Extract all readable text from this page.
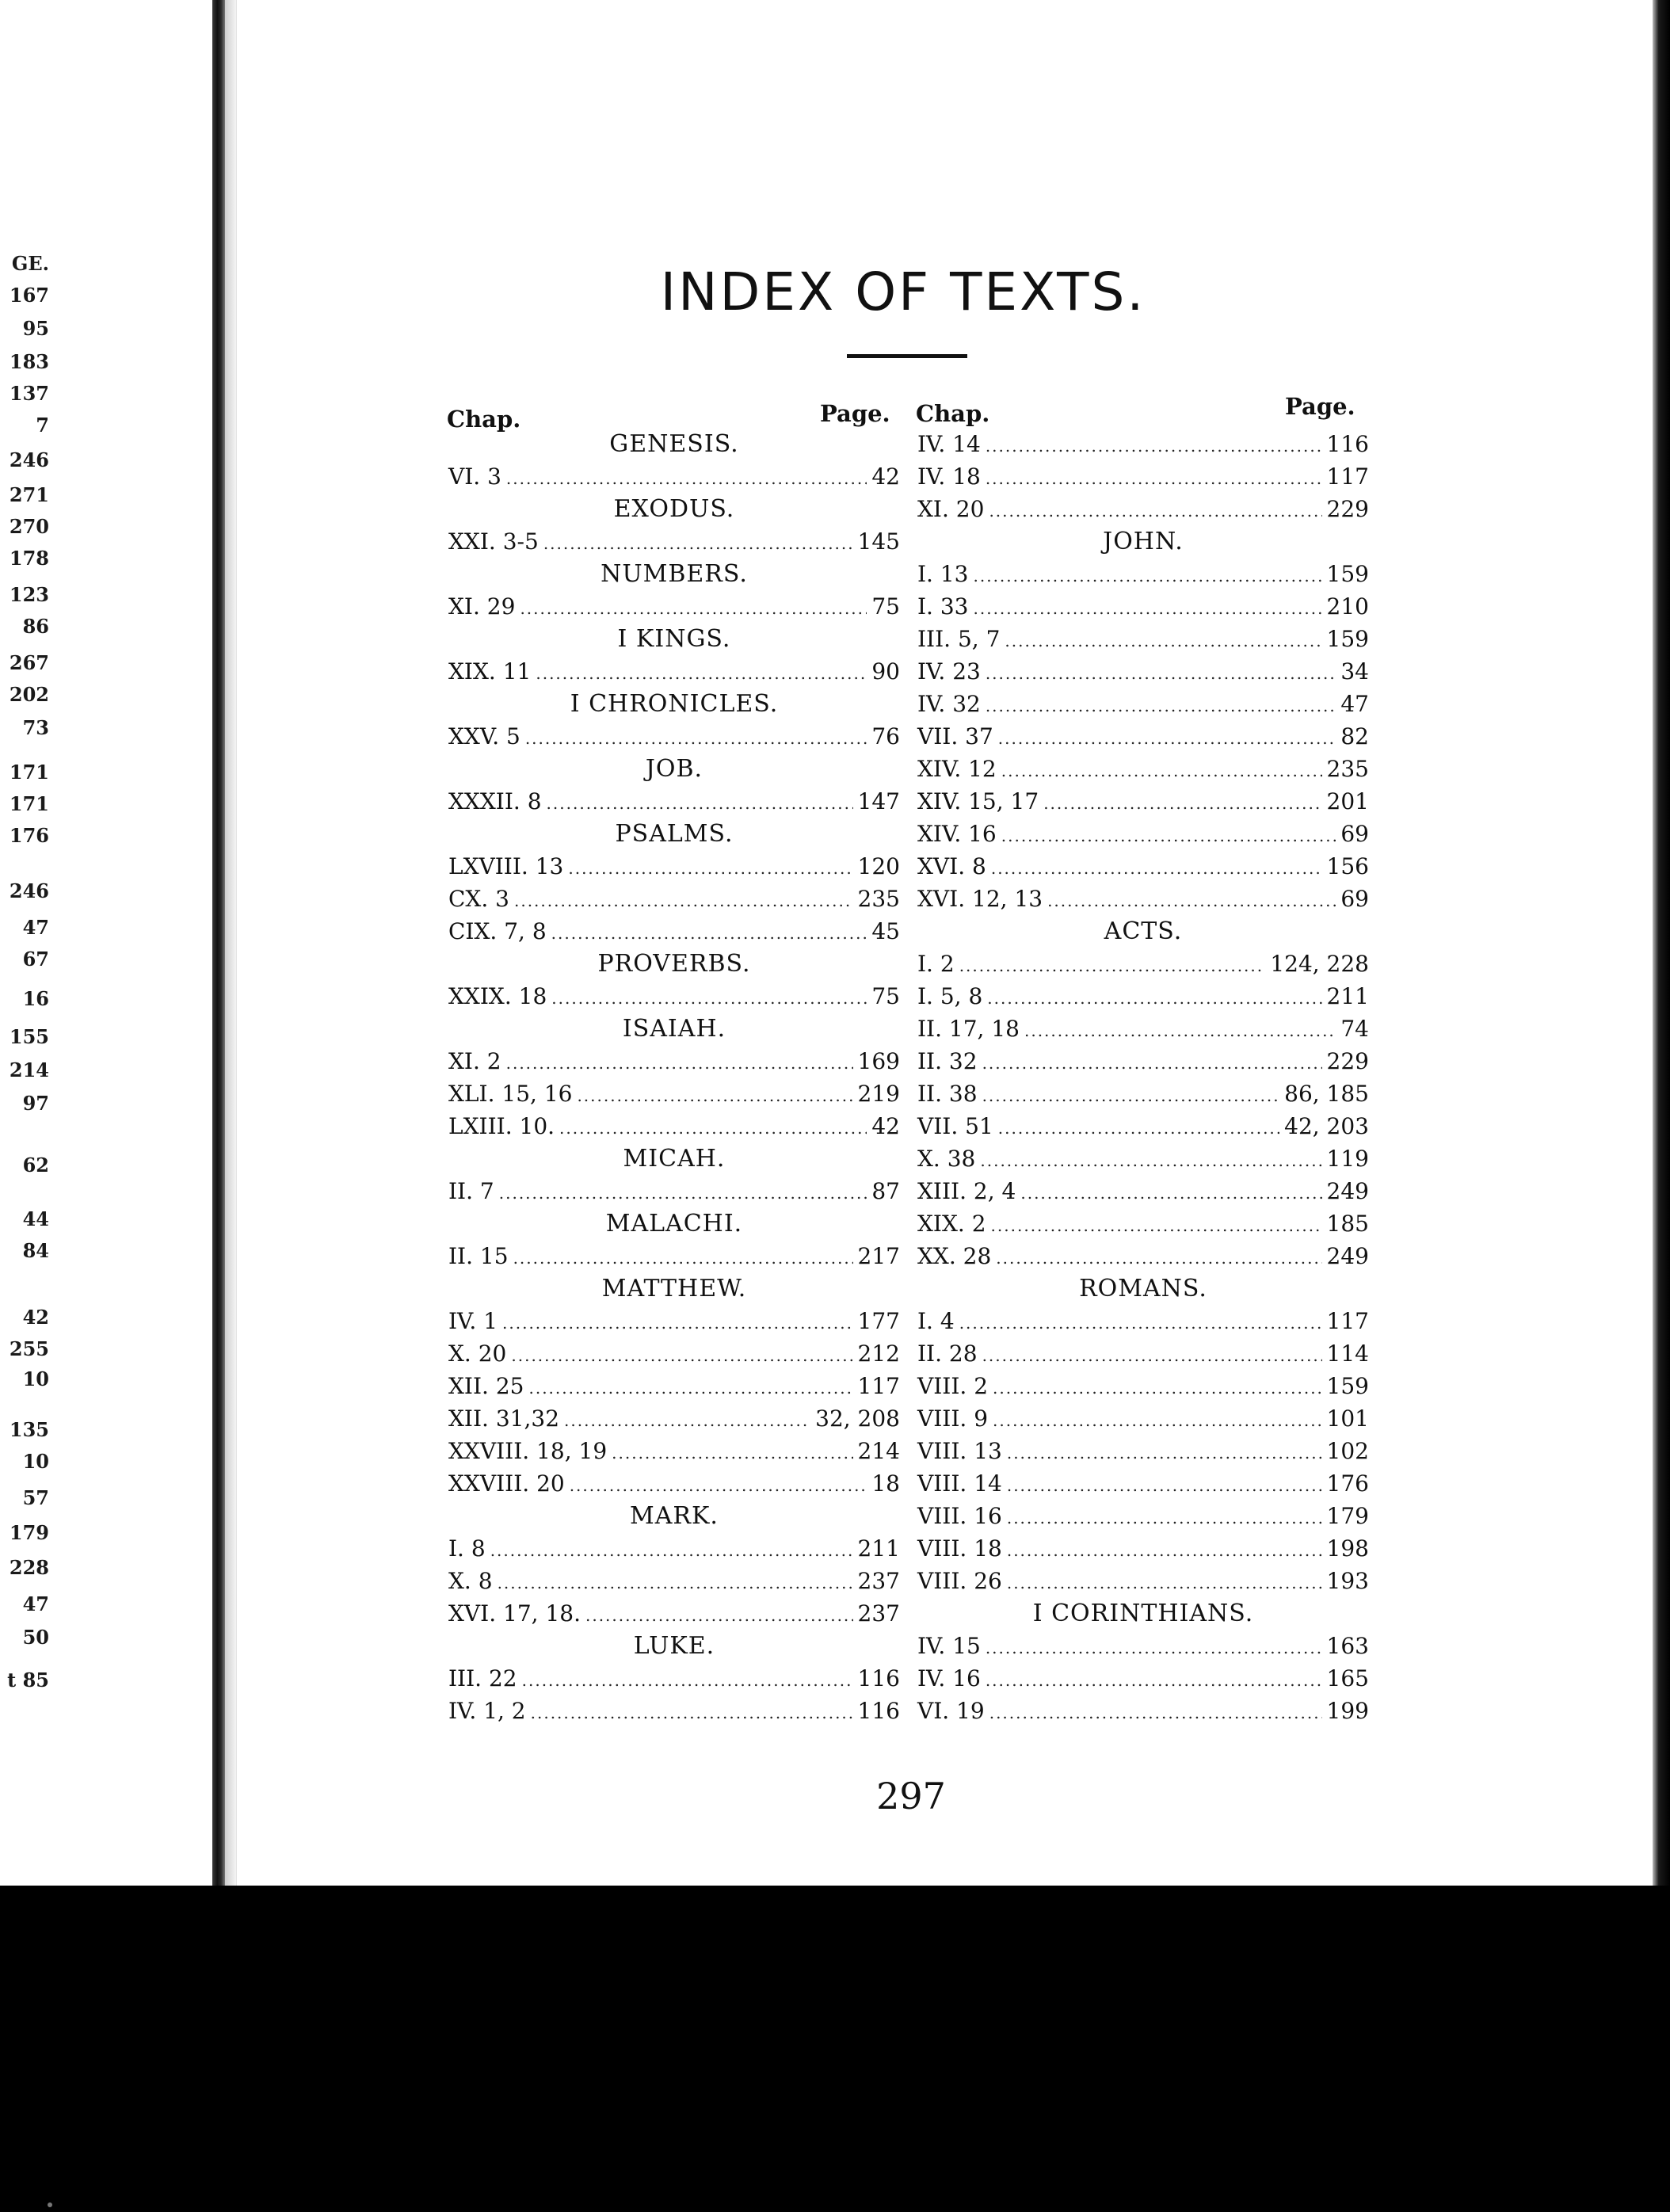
GE.
167
95
183
137
7
246
271
270
178
123
86
267
202
73
171
171
176
246
47
67
16
155
214
97
62
44
84
42
255
10
135
10
57
179
228
47
50
t 85
INDEX OF TEXTS.
Chap.	Page. Chap.	Page.
GENESIS.
VI. 3 .....	42
EXODUS.
XXI. 3-5 .....	145
NUMBERS.
XI. 29 .....	75
I KINGS.
XIX. 11 .....	90
I CHRONICLES.
XXV. 5 .....	76
JOB.
XXXII. 8 .....	147
PSALMS.
LXVIII. 13 .....	120
CX. 3 .....	235
CIX. 7, 8 .....	45
PROVERBS.
XXIX. 18 .....	75
ISAIAH.
XI. 2 .....	169
XLI. 15, 16 .....	219
LXIII. 10. .....	42
MICAH.
II. 7 .....	87
MALACHI.
II. 15 .....	217
MATTHEW.
IV. 1 .....	177
X. 20 .....	212
XII. 25 .....	117
XII. 31,32 .....	32, 208
XXVIII. 18, 19 .....	214
XXVIII. 20 .....	18
MARK.
I. 8 .....	211
X. 8 .....	237
XVI. 17, 18. .....	237
LUKE.
III. 22 .....	116
IV. 1, 2 .....	116
IV. 14 .....	116
IV. 18 .....	117
XI. 20 .....	229
JOHN.
I. 13 .....	159
I. 33 .....	210
III. 5, 7 .....	159
IV. 23 .....	34
IV. 32 .....	47
VII. 37 .....	82
XIV. 12 .....	235
XIV. 15, 17 .....	201
XIV. 16 .....	69
XVI. 8 .....	156
XVI. 12, 13 .....	69
ACTS.
I. 2 .....	124, 228
I. 5, 8 .....	211
II. 17, 18 .....	74
II. 32 .....	229
II. 38 .....	86, 185
VII. 51 .....	42, 203
X. 38 .....	119
XIII. 2, 4 .....	249
XIX. 2 .....	185
XX. 28 .....	249
ROMANS.
I. 4 .....	117
II. 28 .....	114
VIII. 2 .....	159
VIII. 9 .....	101
VIII. 13 .....	102
VIII. 14 .....	176
VIII. 16 .....	179
VIII. 18 .....	198
VIII. 26 .....	193
I CORINTHIANS.
IV. 15 .....	163
IV. 16 .....	165
VI. 19 .....	199
297
